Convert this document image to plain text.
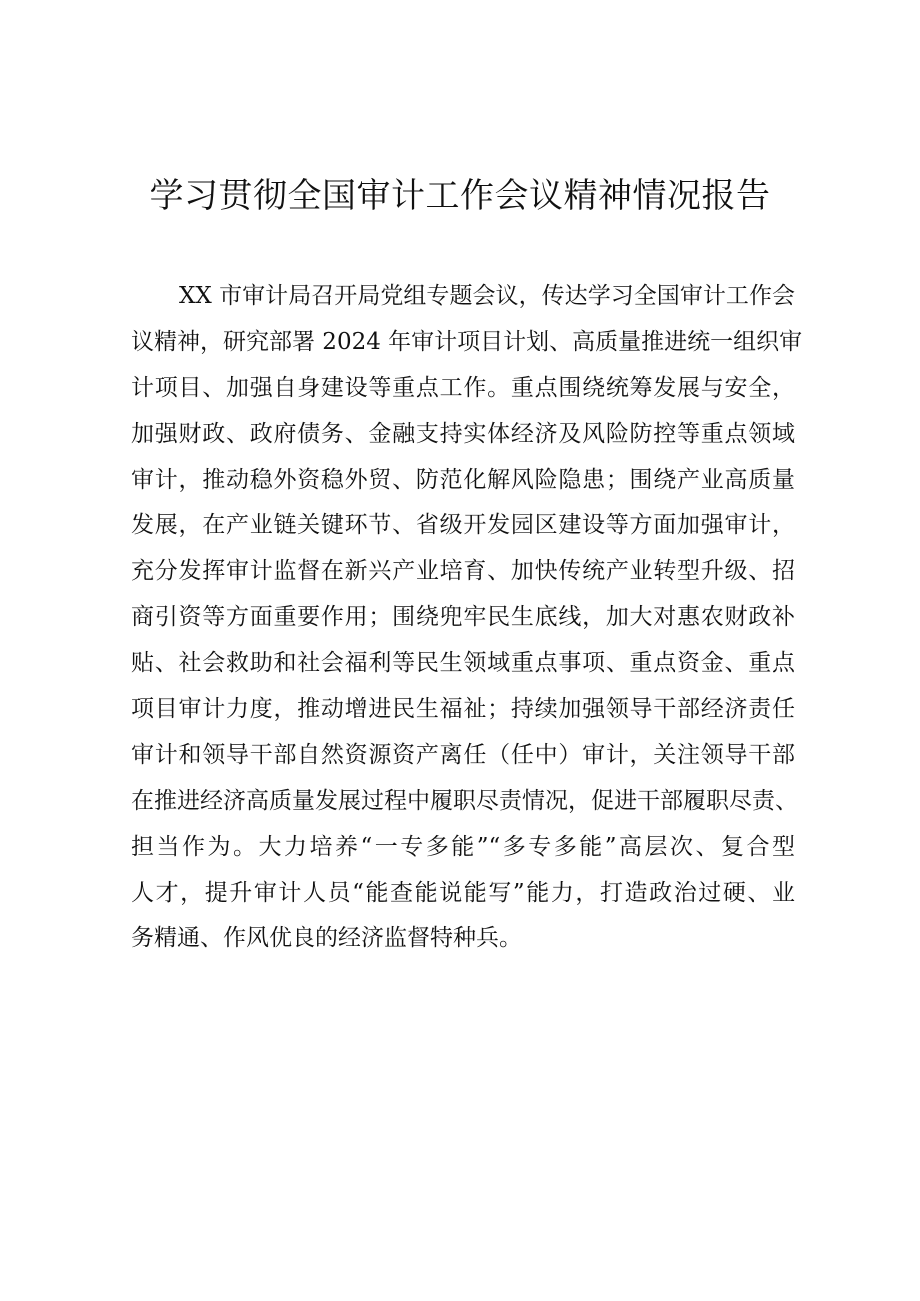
学习贯彻全国审计工作会议精神情况报告
XX 市审计局召开局党组专题会议，传达学习全国审计工作会
议精神，研究部署 2024 年审计项目计划、高质量推进统一组织审
计项目、加强自身建设等重点工作。重点围绕统筹发展与安全，
加强财政、政府债务、金融支持实体经济及风险防控等重点领域
审计，推动稳外资稳外贸、防范化解风险隐患；围绕产业高质量
发展，在产业链关键环节、省级开发园区建设等方面加强审计，
充分发挥审计监督在新兴产业培育、加快传统产业转型升级、招
商引资等方面重要作用；围绕兜牢民生底线，加大对惠农财政补
贴、社会救助和社会福利等民生领域重点事项、重点资金、重点
项目审计力度，推动增进民生福祉；持续加强领导干部经济责任
审计和领导干部自然资源资产离任（任中）审计，关注领导干部
在推进经济高质量发展过程中履职尽责情况，促进干部履职尽责、
担当作为。大力培养“一专多能”“多专多能”高层次、复合型
人才，提升审计人员“能查能说能写”能力，打造政治过硬、业
务精通、作风优良的经济监督特种兵。
